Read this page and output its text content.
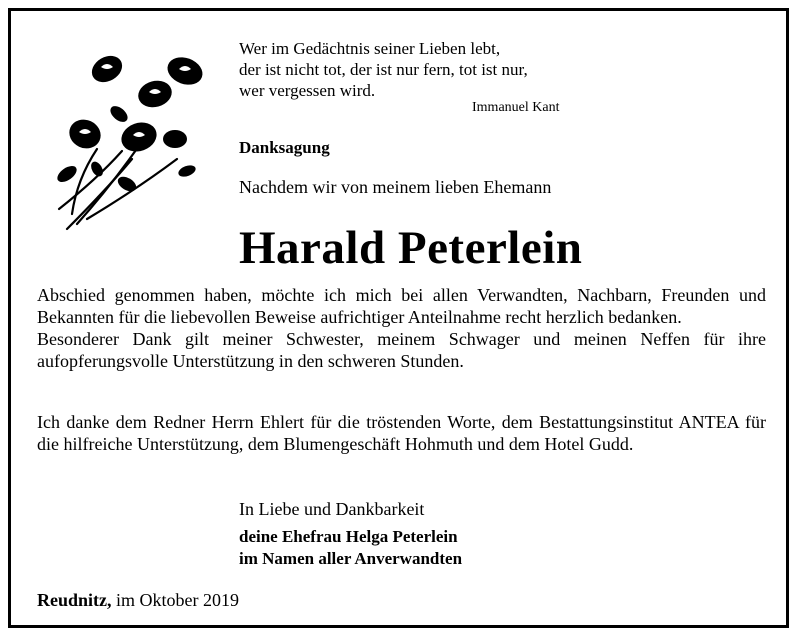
Wer im Gedächtnis seiner Lieben lebt,
der ist nicht tot, der ist nur fern, tot ist nur,
wer vergessen wird.
Immanuel Kant
Danksagung
Nachdem wir von meinem lieben Ehemann
Harald Peterlein

Abschied genommen haben, möchte ich mich bei allen Verwandten, Nachbarn, Freunden und Bekannten für die liebevollen Beweise aufrichtiger Anteilnahme recht herzlich bedanken.

Besonderer Dank gilt meiner Schwester, meinem Schwager und meinen Neffen für ihre aufopferungsvolle Unterstützung in den schweren Stunden.

Ich danke dem Redner Herrn Ehlert für die tröstenden Worte, dem Bestattungsinstitut ANTEA für die hilfreiche Unterstützung, dem Blumengeschäft Hohmuth und dem Hotel Gudd.
In Liebe und Dankbarkeit
deine Ehefrau Helga Peterlein
im Namen aller Anverwandten
Reudnitz, im Oktober 2019
